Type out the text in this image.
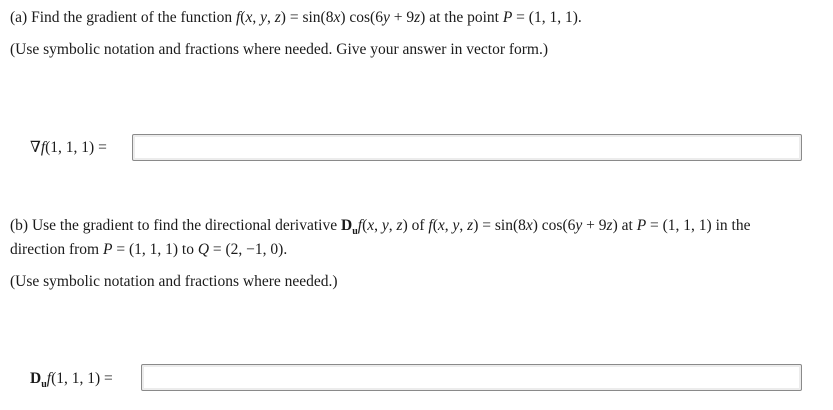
(a) Find the gradient of the function f(x, y, z) = sin(8x) cos(6y + 9z) at the point P = (1, 1, 1).
(Use symbolic notation and fractions where needed. Give your answer in vector form.)
∇f(1, 1, 1) =
(b) Use the gradient to find the directional derivative $D_uf(x$, y, z) of f(x, y, z) = sin(8x) cos(6y + 9z) at P = (1, 1, 1) in the
direction from P = (1, 1, 1) to Q = (2, −1, 0).
(Use symbolic notation and fractions where needed.)
$D_uf(1$, 1, 1) =
